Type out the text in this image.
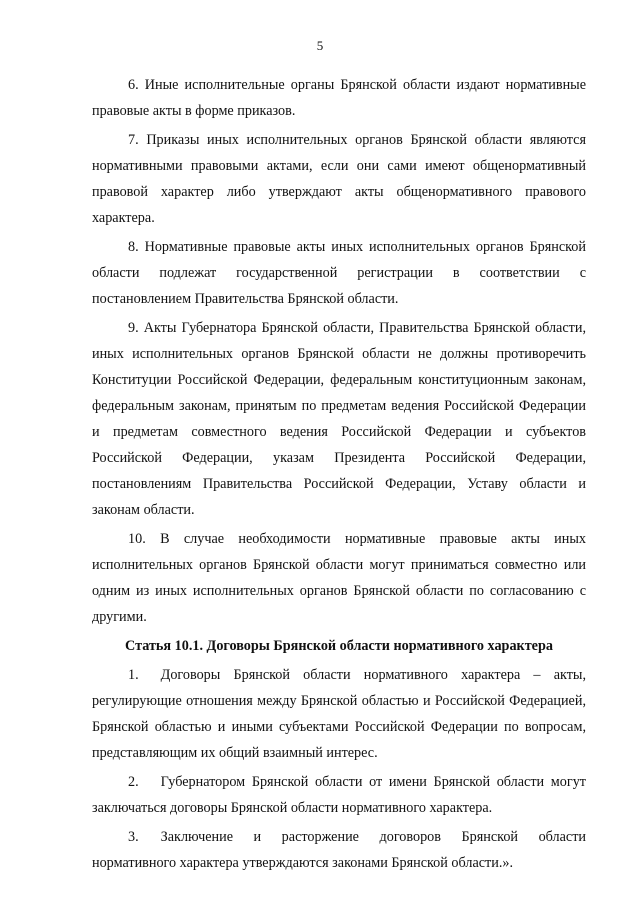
5

6. Иные исполнительные органы Брянской области издают нормативные правовые акты в форме приказов.

7. Приказы иных исполнительных органов Брянской области являются нормативными правовыми актами, если они сами имеют общенормативный правовой характер либо утверждают акты общенормативного правового характера.

8. Нормативные правовые акты иных исполнительных органов Брянской области подлежат государственной регистрации в соответствии с постановлением Правительства Брянской области.

9. Акты Губернатора Брянской области, Правительства Брянской области, иных исполнительных органов Брянской области не должны противоречить Конституции Российской Федерации, федеральным конституционным законам, федеральным законам, принятым по предметам ведения Российской Федерации и предметам совместного ведения Российской Федерации и субъектов Российской Федерации, указам Президента Российской Федерации, постановлениям Правительства Российской Федерации, Уставу области и законам области.

10. В случае необходимости нормативные правовые акты иных исполнительных органов Брянской области могут приниматься совместно или одним из иных исполнительных органов Брянской области по согласованию с другими.

Статья 10.1. Договоры Брянской области нормативного характера

1. Договоры Брянской области нормативного характера – акты, регулирующие отношения между Брянской областью и Российской Федерацией, Брянской областью и иными субъектами Российской Федерации по вопросам, представляющим их общий взаимный интерес.

2. Губернатором Брянской области от имени Брянской области могут заключаться договоры Брянской области нормативного характера.

3. Заключение и расторжение договоров Брянской области нормативного характера утверждаются законами Брянской области.».
